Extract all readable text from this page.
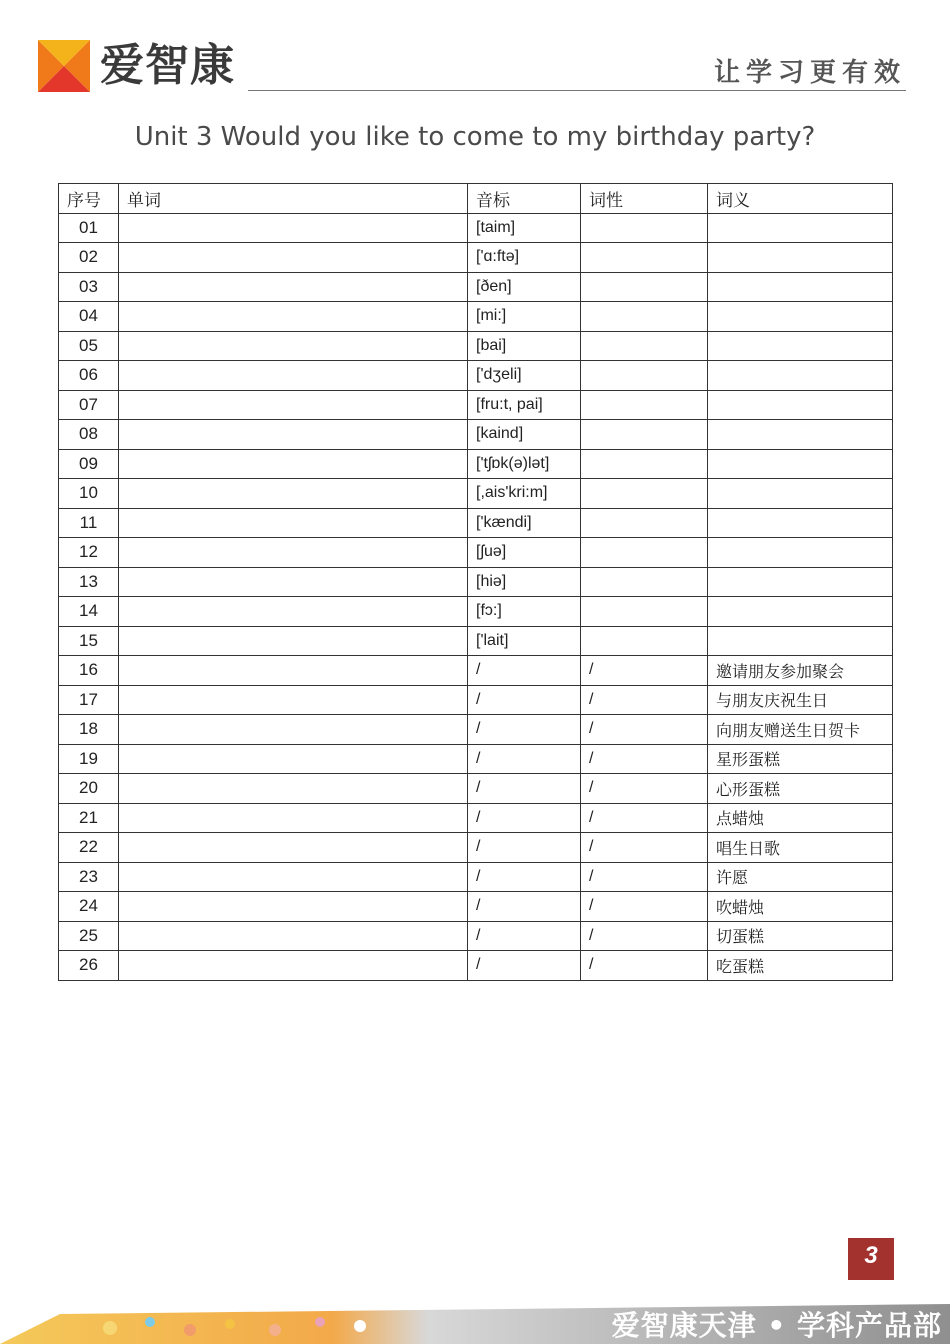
爱智康	让学习更有效
Unit 3 Would you like to come to my birthday party?
序号	单词	音标	词性	词义
01		[taim]		
02		['ɑ:ftə]		
03		[ðen]		
04		[mi:]		
05		[bai]		
06		['dʒeli]		
07		[fru:t, pai]		
08		[kaind]		
09		['tʃɒk(ə)lət]		
10		[,ais'kri:m]		
11		['kændi]		
12		[ʃuə]		
13		[hiə]		
14		[fɔ:]		
15		['lait]		
16		/	/	邀请朋友参加聚会
17		/	/	与朋友庆祝生日
18		/	/	向朋友赠送生日贺卡
19		/	/	星形蛋糕
20		/	/	心形蛋糕
21		/	/	点蜡烛
22		/	/	唱生日歌
23		/	/	许愿
24		/	/	吹蜡烛
25		/	/	切蛋糕
26		/	/	吃蛋糕
3
爱智康天津 • 学科产品部
